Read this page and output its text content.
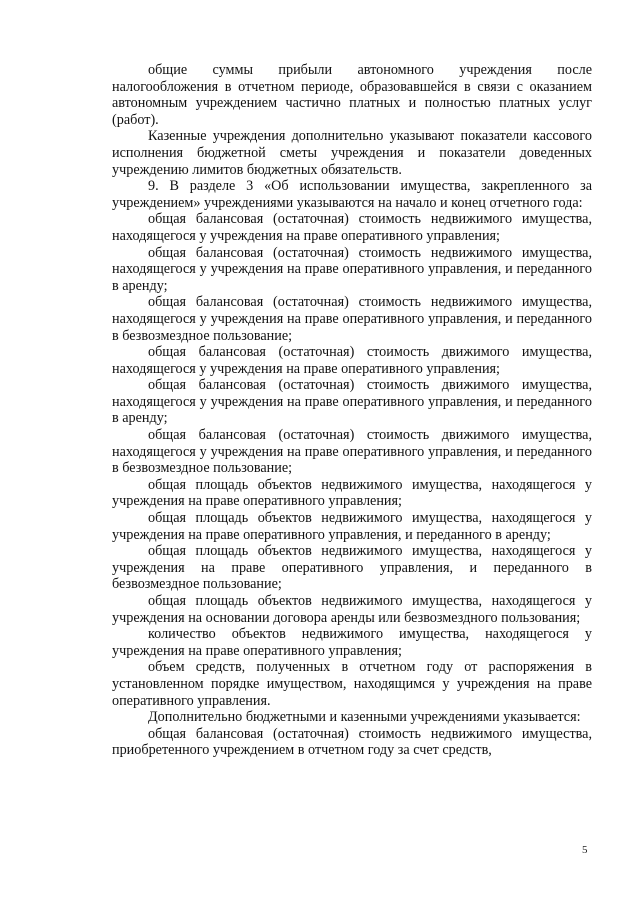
общие суммы прибыли автономного учреждения после налогообложения в отчетном периоде, образовавшейся в связи с оказанием автономным учреждением частично платных и полностью платных услуг (работ).

Казенные учреждения дополнительно указывают показатели кассового исполнения бюджетной сметы учреждения и показатели доведенных учреждению лимитов бюджетных обязательств.

9. В разделе 3 «Об использовании имущества, закрепленного за учреждением» учреждениями указываются на начало и конец отчетного года:

общая балансовая (остаточная) стоимость недвижимого имущества, находящегося у учреждения на праве оперативного управления;

общая балансовая (остаточная) стоимость недвижимого имущества, находящегося у учреждения на праве оперативного управления, и переданного в аренду;

общая балансовая (остаточная) стоимость недвижимого имущества, находящегося у учреждения на праве оперативного управления, и переданного в безвозмездное пользование;

общая балансовая (остаточная) стоимость движимого имущества, находящегося у учреждения на праве оперативного управления;

общая балансовая (остаточная) стоимость движимого имущества, находящегося у учреждения на праве оперативного управления, и переданного в аренду;

общая балансовая (остаточная) стоимость движимого имущества, находящегося у учреждения на праве оперативного управления, и переданного в безвозмездное пользование;

общая площадь объектов недвижимого имущества, находящегося у учреждения на праве оперативного управления;

общая площадь объектов недвижимого имущества, находящегося у учреждения на праве оперативного управления, и переданного в аренду;

общая площадь объектов недвижимого имущества, находящегося у учреждения на праве оперативного управления, и переданного в безвозмездное пользование;

общая площадь объектов недвижимого имущества, находящегося у учреждения на основании договора аренды или безвозмездного пользования;

количество объектов недвижимого имущества, находящегося у учреждения на праве оперативного управления;

объем средств, полученных в отчетном году от распоряжения в установленном порядке имуществом, находящимся у учреждения на праве оперативного управления.

Дополнительно бюджетными и казенными учреждениями указывается:

общая балансовая (остаточная) стоимость недвижимого имущества, приобретенного учреждением в отчетном году за счет средств,

5
